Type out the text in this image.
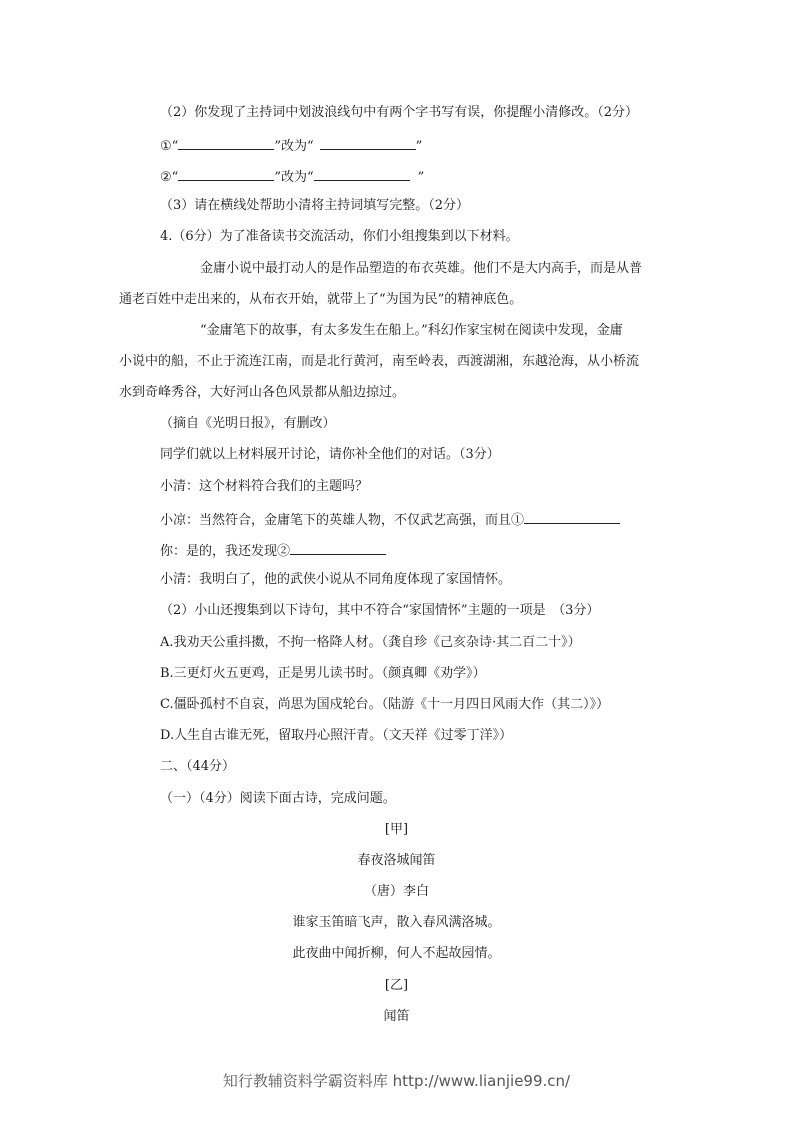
（2）你发现了主持词中划波浪线句中有两个字书写有误，你提醒小清修改。（2分）
①“	”改为“	”
②“	”改为“	”
（3）请在横线处帮助小清将主持词填写完整。（2分）
4.（6分）为了准备读书交流活动，你们小组搜集到以下材料。
金庸小说中最打动人的是作品塑造的布衣英雄。他们不是大内高手，而是从普
通老百姓中走出来的，从布衣开始，就带上了“为国为民”的精神底色。
“金庸笔下的故事，有太多发生在船上。”科幻作家宝树在阅读中发现，金庸
小说中的船，不止于流连江南，而是北行黄河，南至岭表，西渡湖湘，东越沧海，从小桥流
水到奇峰秀谷，大好河山各色风景都从船边掠过。
（摘自《光明日报》，有删改）
同学们就以上材料展开讨论，请你补全他们的对话。（3分）
小清：这个材料符合我们的主题吗？
小凉：当然符合，金庸笔下的英雄人物，不仅武艺高强，而且①
你：是的，我还发现②
小清：我明白了，他的武侠小说从不同角度体现了家国情怀。
（2）小山还搜集到以下诗句，其中不符合“家国情怀”主题的一项是　（3分）
A.我劝天公重抖擞，不拘一格降人材。（龚自珍《己亥杂诗·其二百二十》）
B.三更灯火五更鸡，正是男儿读书时。（颜真卿《劝学》）
C.僵卧孤村不自哀，尚思为国戍轮台。（陆游《十一月四日风雨大作（其二）》）
D.人生自古谁无死，留取丹心照汗青。（文天祥《过零丁洋》）
二、（44分）
（一）（4分）阅读下面古诗，完成问题。
[甲]
春夜洛城闻笛
（唐）李白
谁家玉笛暗飞声，散入春风满洛城。
此夜曲中闻折柳，何人不起故园情。
[乙]
闻笛
知行教辅资料学霸资料库 http://www.lianjie99.cn/
